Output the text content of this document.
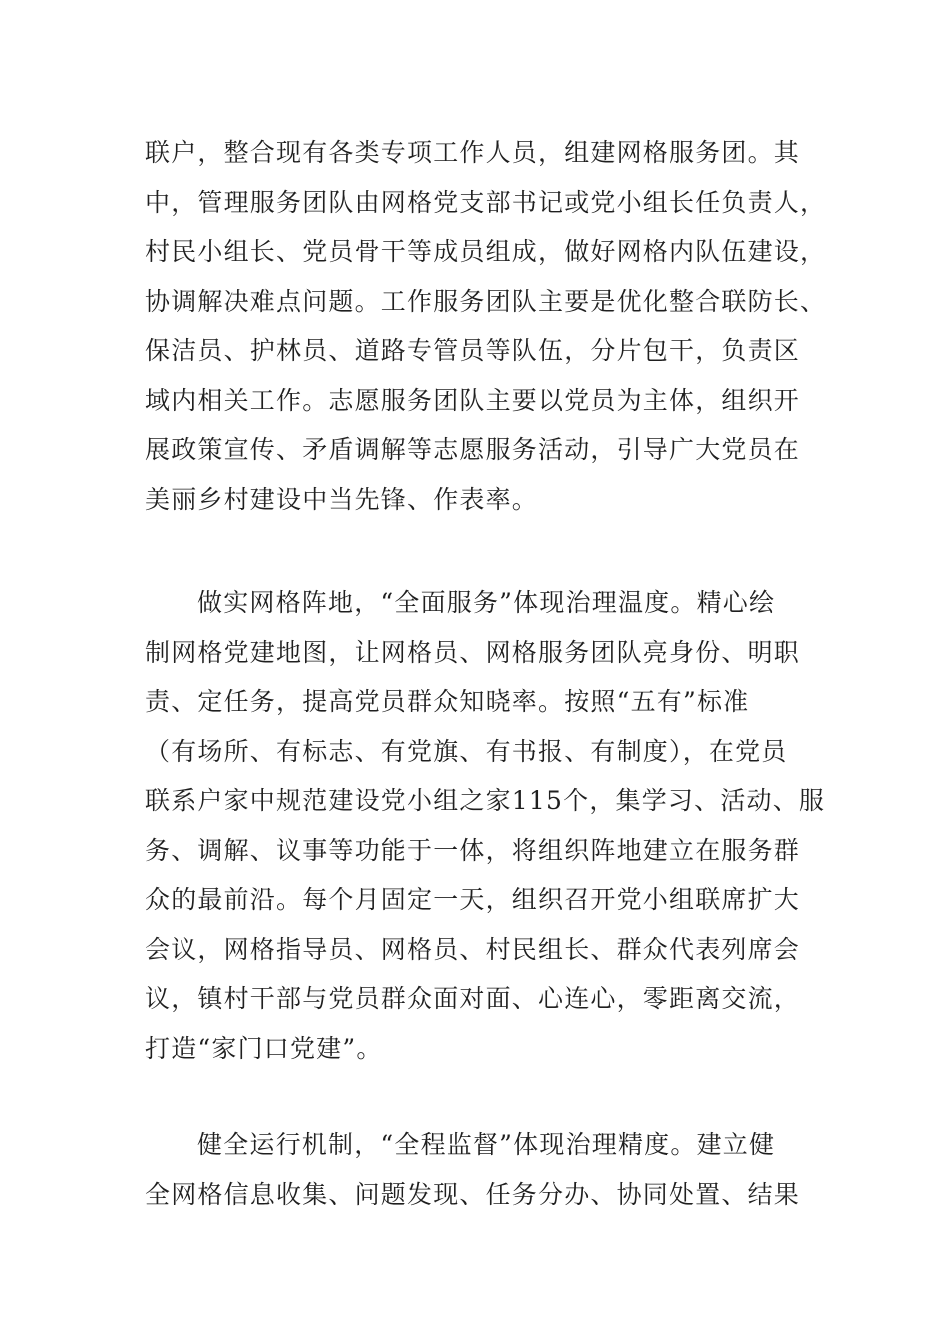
联户，整合现有各类专项工作人员，组建网格服务团。其
中，管理服务团队由网格党支部书记或党小组长任负责人，
村民小组长、党员骨干等成员组成，做好网格内队伍建设，
协调解决难点问题。工作服务团队主要是优化整合联防长、
保洁员、护林员、道路专管员等队伍，分片包干，负责区
域内相关工作。志愿服务团队主要以党员为主体，组织开
展政策宣传、矛盾调解等志愿服务活动，引导广大党员在
美丽乡村建设中当先锋、作表率。
做实网格阵地，“全面服务”体现治理温度。精心绘
制网格党建地图，让网格员、网格服务团队亮身份、明职
责、定任务，提高党员群众知晓率。按照“五有”标准
（有场所、有标志、有党旗、有书报、有制度），在党员
联系户家中规范建设党小组之家115个，集学习、活动、服
务、调解、议事等功能于一体，将组织阵地建立在服务群
众的最前沿。每个月固定一天，组织召开党小组联席扩大
会议，网格指导员、网格员、村民组长、群众代表列席会
议，镇村干部与党员群众面对面、心连心，零距离交流，
打造“家门口党建”。
健全运行机制，“全程监督”体现治理精度。建立健
全网格信息收集、问题发现、任务分办、协同处置、结果
